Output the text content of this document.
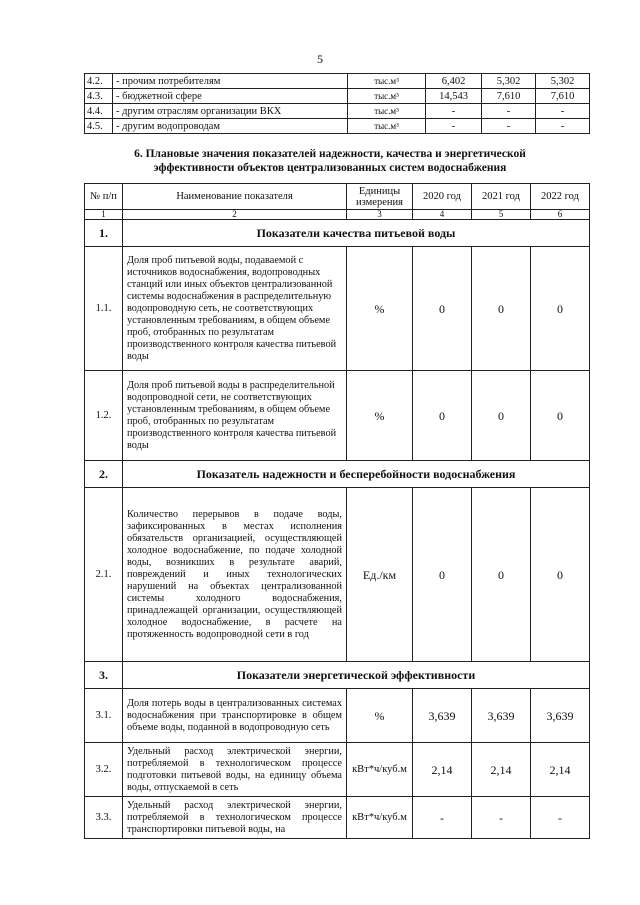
5
4.2.	- прочим потребителям	тыс.м³	6,402	5,302	5,302
4.3.	- бюджетной сфере	тыс.м³	14,543	7,610	7,610
4.4.	- другим отраслям организации ВКХ	тыс.м³	-	-	-
4.5.	- другим водопроводам	тыс.м³	-	-	-
6. Плановые значения показателей надежности, качества и энергетической
эффективности объектов централизованных систем водоснабжения
№ п/п	Наименование показателя	Единицы измерения	2020 год	2021 год	2022 год
1	2	3	4	5	6
1.	Показатели качества питьевой воды				
1.1.	Доля проб питьевой воды, подаваемой с источников водоснабжения, водопроводных станций или иных объектов централизованной системы водоснабжения в распределительную водопроводную сеть, не соответствующих установленным требованиям, в общем объеме проб, отобранных по результатам производственного контроля качества питьевой воды	%	0	0	0
1.2.	Доля проб питьевой воды в распределительной водопроводной сети, не соответствующих установленным требованиям, в общем объеме проб, отобранных по результатам производственного контроля качества питьевой воды	%	0	0	0
2.	Показатель надежности и бесперебойности водоснабжения				
2.1.	Количество перерывов в подаче воды, зафиксированных в местах исполнения обязательств организацией, осуществляющей холодное водоснабжение, по подаче холодной воды, возникших в результате аварий, повреждений и иных технологических нарушений на объектах централизованной системы холодного водоснабжения, принадлежащей организации, осуществляющей холодное водоснабжение, в расчете на протяженность водопроводной сети в год	Ед./км	0	0	0
3.	Показатели энергетической эффективности				
3.1.	Доля потерь воды в централизованных системах водоснабжения при транспортировке в общем объеме воды, поданной в водопроводную сеть	%	3,639	3,639	3,639
3.2.	Удельный расход электрической энергии, потребляемой в технологическом процессе подготовки питьевой воды, на единицу объема воды, отпускаемой в сеть	кВт*ч/куб.м	2,14	2,14	2,14
3.3.	Удельный расход электрической энергии, потребляемой в технологическом процессе транспортировки питьевой воды, на	кВт*ч/куб.м	-	-	-
